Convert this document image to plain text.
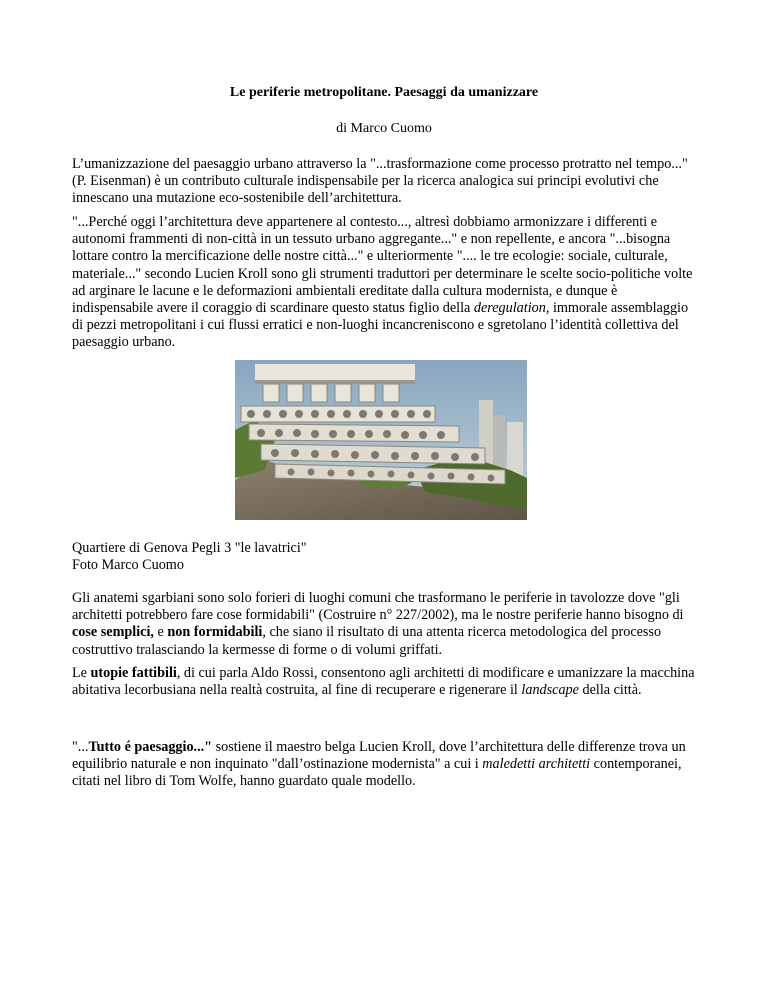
Le periferie metropolitane. Paesaggi da umanizzare
di Marco Cuomo

L’umanizzazione del paesaggio urbano attraverso la "...trasformazione come processo protratto nel tempo..." (P. Eisenman) è un contributo culturale indispensabile per la ricerca analogica sui principi evolutivi che innescano una mutazione eco-sostenibile dell’architettura.

"...Perché oggi l’architettura deve appartenere al contesto..., altresì dobbiamo armonizzare i differenti e autonomi frammenti di non-città in un tessuto urbano aggregante..." e non repellente, e ancora "...bisogna lottare contro la mercificazione delle nostre città..." e ulteriormente ".... le tre ecologie: sociale, culturale, materiale..." secondo Lucien Kroll sono gli strumenti traduttori per determinare le scelte socio-politiche volte ad arginare le lacune e le deformazioni ambientali ereditate dalla cultura modernista, e dunque è indispensabile avere il coraggio di scardinare questo status figlio della deregulation, immorale assemblaggio di pezzi metropolitani i cui flussi erratici e non-luoghi incancreniscono e sgretolano l’identità collettiva del paesaggio urbano.

Quartiere di Genova Pegli 3 "le lavatrici"
Foto Marco Cuomo

Gli anatemi sgarbiani sono solo forieri di luoghi comuni che trasformano le periferie in tavolozze dove "gli architetti potrebbero fare cose formidabili" (Costruire n° 227/2002), ma le nostre periferie hanno bisogno di cose semplici, e non formidabili, che siano il risultato di una attenta ricerca metodologica del processo costruttivo tralasciando la kermesse di forme o di volumi griffati.

Le utopie fattibili, di cui parla Aldo Rossi, consentono agli architetti di modificare e umanizzare la macchina abitativa lecorbusiana nella realtà costruita, al fine di recuperare e rigenerare il landscape della città.

"...Tutto é paesaggio..." sostiene il maestro belga Lucien Kroll, dove l’architettura delle differenze trova un equilibrio naturale e non inquinato "dall’ostinazione modernista" a cui i maledetti architetti contemporanei, citati nel libro di Tom Wolfe, hanno guardato quale modello.
